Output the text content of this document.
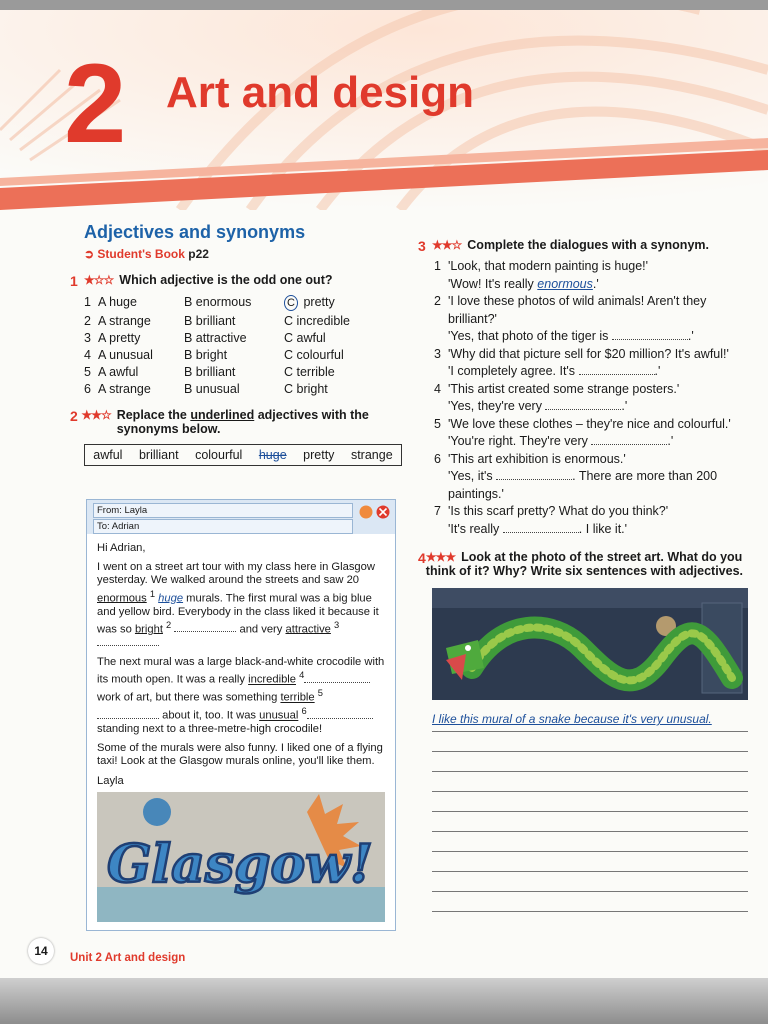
2 Art and design
Adjectives and synonyms
➲ Student's Book p22
1 ★☆☆ Which adjective is the odd one out?
1 A huge	B enormous	C pretty
2 A strange	B brilliant	C incredible
3 A pretty	B attractive	C awful
4 A unusual	B bright	C colourful
5 A awful	B brilliant	C terrible
6 A strange	B unusual	C bright
2 ★★☆ Replace the underlined adjectives with the synonyms below.
awful brilliant colourful huge pretty strange
From: Layla
To: Adrian

Hi Adrian,

I went on a street art tour with my class here in Glasgow yesterday. We walked around the streets and saw 20 enormous $^1$ huge murals. The first mural was a big blue and yellow bird. Everybody in the class liked it because it was so bright $^2$	and very attractive $^3$

The next mural was a large black-and-white crocodile with its mouth open. It was a really incredible $^4$ work of art, but there was something terrible $^5$  about it, too. It was unusual $^6$ standing next to a three-metre-high crocodile!

Some of the murals were also funny. I liked one of a flying taxi! Look at the Glasgow murals online, you'll like them.

Layla

Glasgow!
3 ★★☆ Complete the dialogues with a synonym.
1 'Look, that modern painting is huge!'
'Wow! It's really enormous.'
2 'I love these photos of wild animals! Aren't they brilliant?'
'Yes, that photo of the tiger is	.'
3 'Why did that picture sell for $20 million? It's awful!'
'I completely agree. It's	.'
4 'This artist created some strange posters.'
'Yes, they're very	.'
5 'We love these clothes – they're nice and colourful.'
'You're right. They're very	.'
6 'This art exhibition is enormous.'
'Yes, it's	. There are more than 200 paintings.'
7 'Is this scarf pretty? What do you think?'
'It's really	. I like it.'
4 ★★★ Look at the photo of the street art. What do you think of it? Why? Write six sentences with adjectives.
I like this mural of a snake because it's very unusual.
14	Unit 2 Art and design
